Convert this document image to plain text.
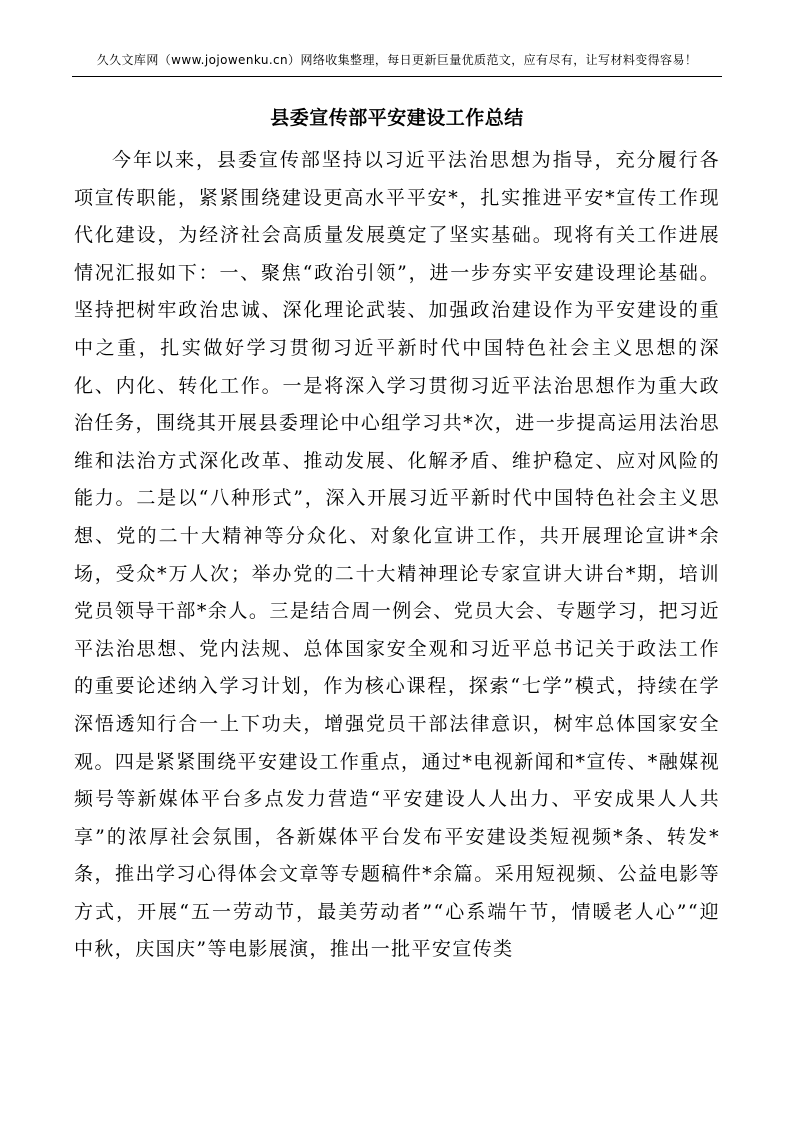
久久文库网（www.jojowenku.cn）网络收集整理，每日更新巨量优质范文，应有尽有，让写材料变得容易！
县委宣传部平安建设工作总结

今年以来，县委宣传部坚持以习近平法治思想为指导，充分履行各项宣传职能，紧紧围绕建设更高水平平安*，扎实推进平安*宣传工作现代化建设，为经济社会高质量发展奠定了坚实基础。现将有关工作进展情况汇报如下：一、聚焦“政治引领”，进一步夯实平安建设理论基础。坚持把树牢政治忠诚、深化理论武装、加强政治建设作为平安建设的重中之重，扎实做好学习贯彻习近平新时代中国特色社会主义思想的深化、内化、转化工作。一是将深入学习贯彻习近平法治思想作为重大政治任务，围绕其开展县委理论中心组学习共*次，进一步提高运用法治思维和法治方式深化改革、推动发展、化解矛盾、维护稳定、应对风险的能力。二是以“八种形式”，深入开展习近平新时代中国特色社会主义思想、党的二十大精神等分众化、对象化宣讲工作，共开展理论宣讲*余场，受众*万人次；举办党的二十大精神理论专家宣讲大讲台*期，培训党员领导干部*余人。三是结合周一例会、党员大会、专题学习，把习近平法治思想、党内法规、总体国家安全观和习近平总书记关于政法工作的重要论述纳入学习计划，作为核心课程，探索“七学”模式，持续在学深悟透知行合一上下功夫，增强党员干部法律意识，树牢总体国家安全观。四是紧紧围绕平安建设工作重点，通过*电视新闻和*宣传、*融媒视频号等新媒体平台多点发力营造“平安建设人人出力、平安成果人人共享”的浓厚社会氛围，各新媒体平台发布平安建设类短视频*条、转发*条，推出学习心得体会文章等专题稿件*余篇。采用短视频、公益电影等方式，开展“五一劳动节，最美劳动者”“心系端午节，情暖老人心”“迎中秋，庆国庆”等电影展演，推出一批平安宣传类
